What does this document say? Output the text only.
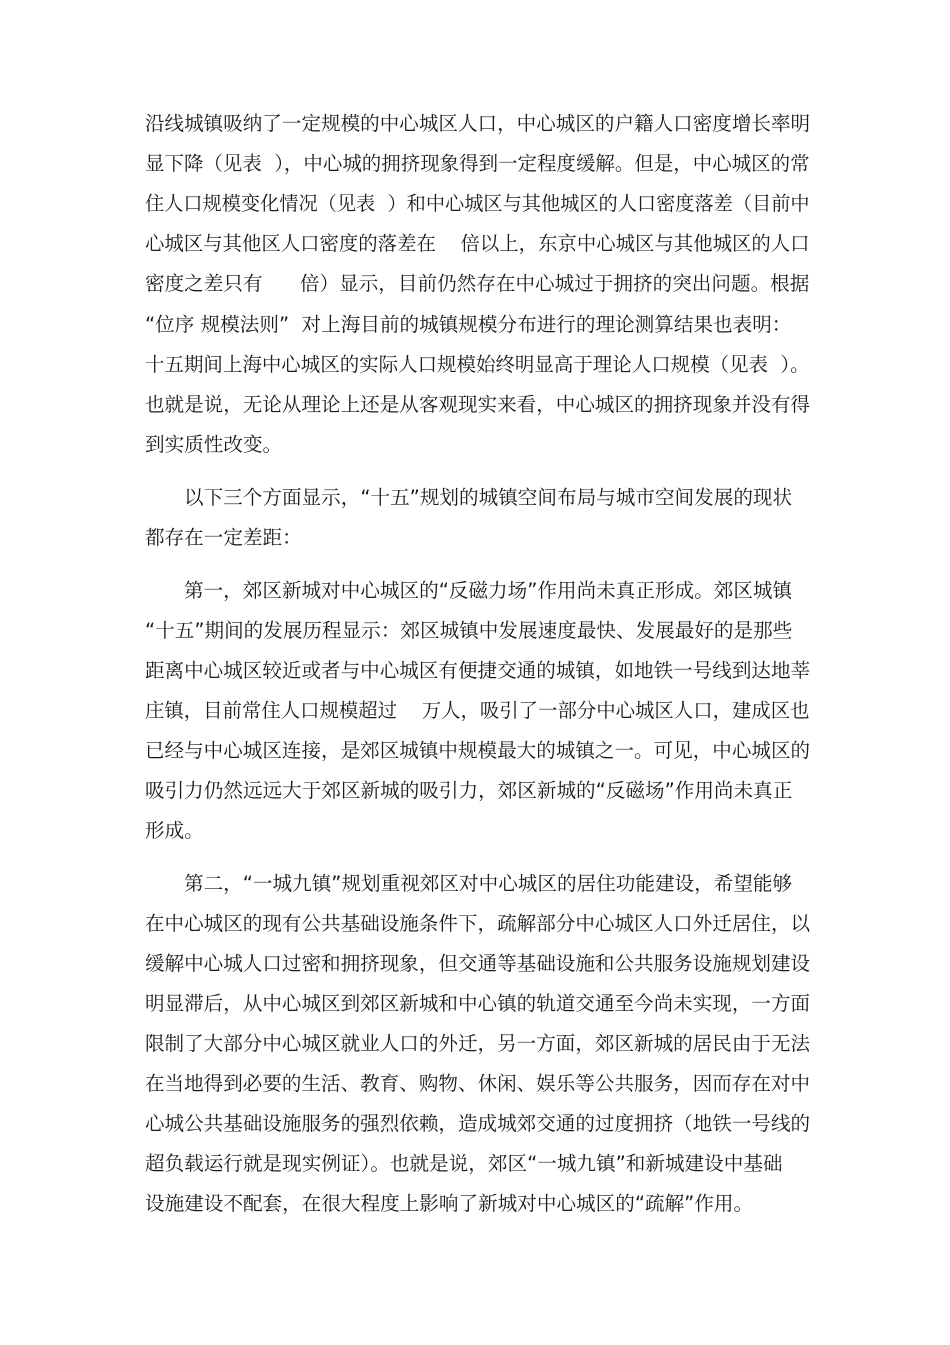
沿线城镇吸纳了一定规模的中心城区人口，中心城区的户籍人口密度增长率明
显下降（见表  ），中心城的拥挤现象得到一定程度缓解。但是，中心城区的常
住人口规模变化情况（见表  ）和中心城区与其他城区的人口密度落差（目前中
心城区与其他区人口密度的落差在    倍以上，东京中心城区与其他城区的人口
密度之差只有      倍）显示，目前仍然存在中心城过于拥挤的突出问题。根据
“位序 规模法则”  对上海目前的城镇规模分布进行的理论测算结果也表明：
十五期间上海中心城区的实际人口规模始终明显高于理论人口规模（见表  ）。
也就是说，无论从理论上还是从客观现实来看，中心城区的拥挤现象并没有得
到实质性改变。
以下三个方面显示，“十五”规划的城镇空间布局与城市空间发展的现状
都存在一定差距：
第一，郊区新城对中心城区的“反磁力场”作用尚未真正形成。郊区城镇
“十五”期间的发展历程显示：郊区城镇中发展速度最快、发展最好的是那些
距离中心城区较近或者与中心城区有便捷交通的城镇，如地铁一号线到达地莘
庄镇，目前常住人口规模超过    万人，吸引了一部分中心城区人口，建成区也
已经与中心城区连接，是郊区城镇中规模最大的城镇之一。可见，中心城区的
吸引力仍然远远大于郊区新城的吸引力，郊区新城的“反磁场”作用尚未真正
形成。
第二，“一城九镇”规划重视郊区对中心城区的居住功能建设，希望能够
在中心城区的现有公共基础设施条件下，疏解部分中心城区人口外迁居住，以
缓解中心城人口过密和拥挤现象，但交通等基础设施和公共服务设施规划建设
明显滞后，从中心城区到郊区新城和中心镇的轨道交通至今尚未实现，一方面
限制了大部分中心城区就业人口的外迁，另一方面，郊区新城的居民由于无法
在当地得到必要的生活、教育、购物、休闲、娱乐等公共服务，因而存在对中
心城公共基础设施服务的强烈依赖，造成城郊交通的过度拥挤（地铁一号线的
超负载运行就是现实例证）。也就是说，郊区“一城九镇”和新城建设中基础
设施建设不配套，在很大程度上影响了新城对中心城区的“疏解”作用。
